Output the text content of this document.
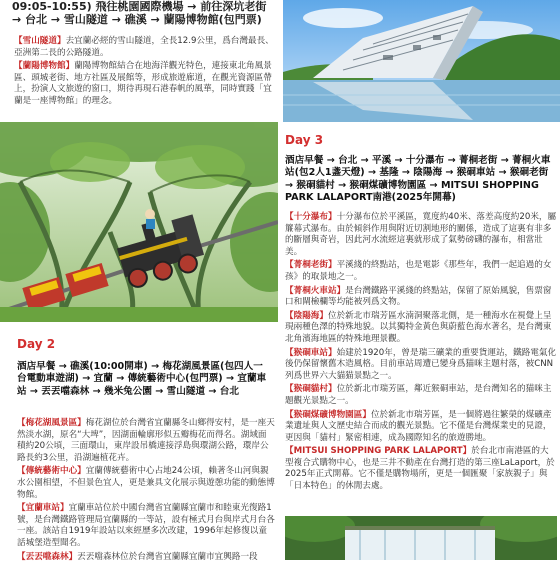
09:05-10:55) 飛往桃園國際機場 → 前往深坑老街 → 台北 → 雪山隧道 → 礁溪 → 蘭陽博物館(包門票)
【雪山隧道】去宜蘭必經的雪山隧道，全長12.9公里，爲台灣最長、亞洲第二長的公路隧道。
【蘭陽博物館】蘭陽博物館結合在地海洋觀光特色，連接東北角風景區、頭城老街、地方社區及展館等，形成旅遊廊道，在觀光資源區帶上，扮演人文旅遊的窗口，期待再現石港春帆的風華，同時實踐「宜蘭是一座博物館」的理念。
Day 2
酒店早餐 → 礁溪(10:00開車) → 梅花湖風景區(包四人一台電動車遊湖) → 宜蘭 → 傳統藝術中心(包門票) → 宜蘭車站 → 丟丟噹森林 → 幾米兔公園 → 雪山隧道 → 台北
【梅花湖風景區】梅花湖位於台灣省宜蘭縣冬山鄉得安村，是一座天然淡水湖，原名“大埤”，因湖面輪廓形似五瓣梅花而得名。湖域面積約20公頃，三面環山，東岸設吊橋連接浮島與環湖公路，環岸公路長約3公里，沿湖遍植花卉。
【傳統藝術中心】宜蘭傳統藝術中心占地24公頃，賴著冬山河與親水公園相望，不但景色宜人，更是兼具文化展示與遊憩功能的動態博物館。
【宜蘭車站】宜蘭車站位於中國台灣省宜蘭縣宜蘭市和睦東光復路1號，是台灣鐵路管理局宜蘭縣的一等站，設有極式月台與岸式月台各一座。該站自1919年設站以來經歷多次改建，1996年起修復以童話城堡造型聞名。
【丟丟噹森林】丟丟噹森林位於台灣省宜蘭縣宜蘭市宜興路一段
Day 3
酒店早餐 → 台北 → 平溪 → 十分瀑布 → 菁桐老街 → 菁桐火車站(包2人1盞天燈) → 基隆 → 陰陽海 → 猴硐車站 → 猴硐老街 → 猴硐貓村 → 猴硐煤礦博物園區 → MITSUI SHOPPING PARK LALAPORT南港(2025年開幕)
【十分瀑布】十分瀑布位於平溪區，寬度約40米、落差高度約20米，屬簾幕式瀑布。由於傾斜作用與附近切割地形的關係，造成了這裏有非多的斷層與奇岩，因此河水流經這裏就形成了氣勢磅礴的瀑布，相當壯美。
【菁桐老街】平溪綫的終點站，也是電影《那些年，我們一起追過的女孩》的取景地之一。
【菁桐火車站】是台灣鐵路平溪綫的終點站，保留了原始風貌，售票窗口和閘檢欄等均能被列爲文物。
【陰陽海】位於新北市瑞芳區水湳洞聚落北側，是一種海水在視覺上呈現兩種色澤的特殊地貌。以其獨特金黃色與蔚藍色海水著名，是台灣東北角濱海地區的特殊地理景觀。
【猴硐車站】始建於1920年，曾是瑞三礦業的重要貨運站，鐵路電氣化後仍保留懷舊木造風格。目前車站周遭已變身爲猫咪主題村落，被CNN列爲世界六大貓猫景點之一。
【猴硐貓村】位於新北市瑞芳區，鄰近猴硐車站，是台灣知名的猫咪主題觀光景點之一。
【猴硐煤礦博物園區】位於新北市瑞芳區，是一個將過往繁榮的煤礦產業遺址與人文歷史結合而成的觀光景點。它不僅是台灣煤業史的見證，更因與「貓村」緊密相連，成為國際知名的旅遊勝地。
【MITSUI SHOPPING PARK LALAPORT】於台北市南港區的大型複合式購物中心，也是三井不動產在台灣打造的第三座LaLaport，於2025年正式開幕。它不僅是購物場所，更是一個匯聚「家族親子」與「日本特色」的休閒去處。
